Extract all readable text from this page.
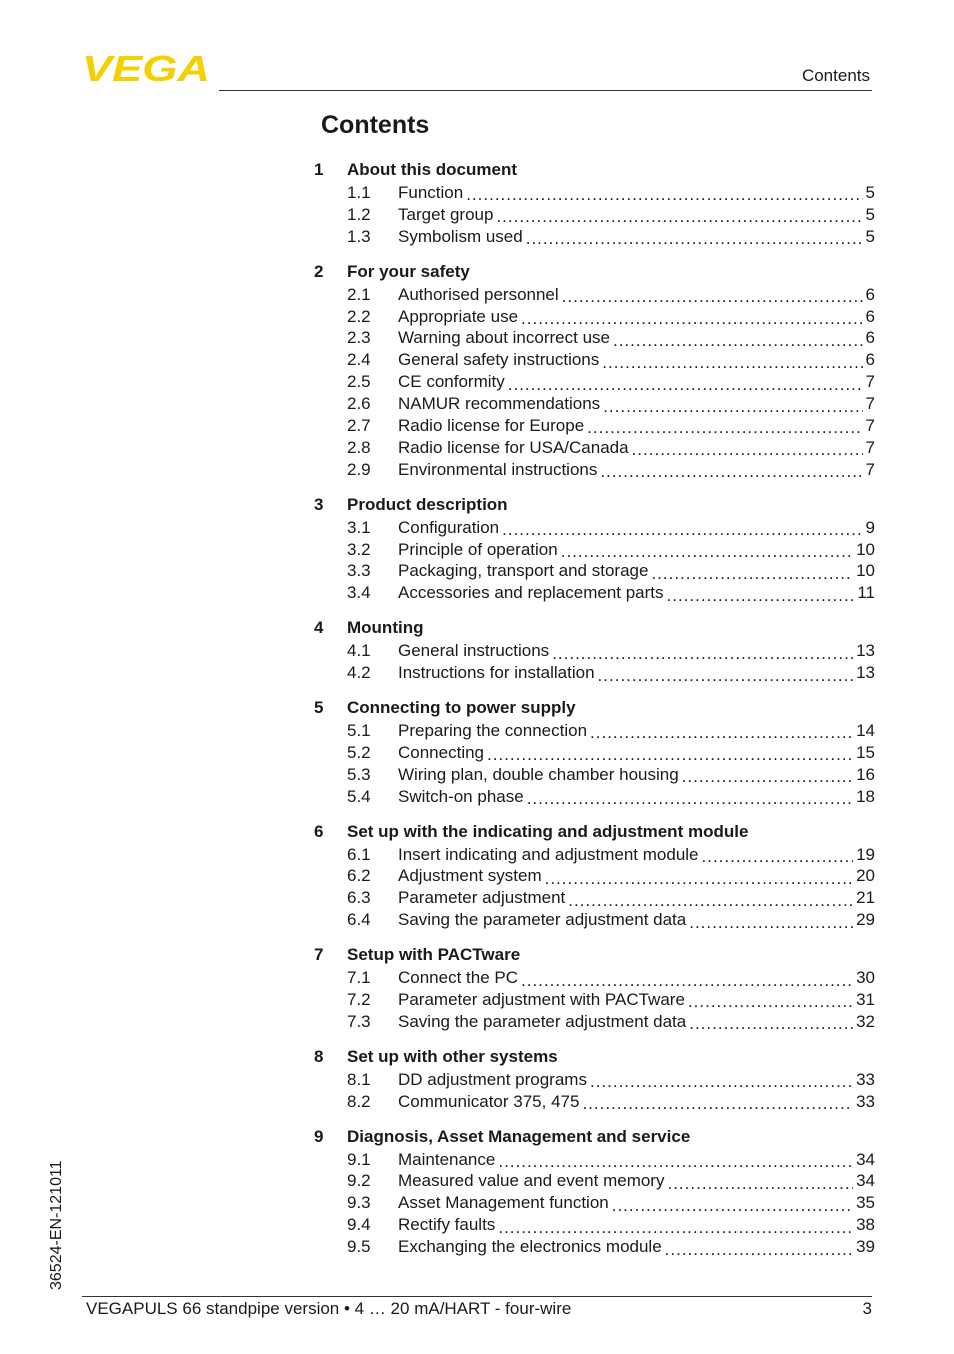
VEGA	Contents
Contents
1	About this document
1.1	Function .....	5
1.2	Target group .....	5
1.3	Symbolism used .....	5
2	For your safety
2.1	Authorised personnel .....	6
2.2	Appropriate use .....	6
2.3	Warning about incorrect use .....	6
2.4	General safety instructions .....	6
2.5	CE conformity .....	7
2.6	NAMUR recommendations .....	7
2.7	Radio license for Europe .....	7
2.8	Radio license for USA/Canada .....	7
2.9	Environmental instructions .....	7
3	Product description
3.1	Configuration .....	9
3.2	Principle of operation .....	10
3.3	Packaging, transport and storage .....	10
3.4	Accessories and replacement parts .....	11
4	Mounting
4.1	General instructions .....	13
4.2	Instructions for installation .....	13
5	Connecting to power supply
5.1	Preparing the connection .....	14
5.2	Connecting .....	15
5.3	Wiring plan, double chamber housing .....	16
5.4	Switch-on phase .....	18
6	Set up with the indicating and adjustment module
6.1	Insert indicating and adjustment module .....	19
6.2	Adjustment system .....	20
6.3	Parameter adjustment .....	21
6.4	Saving the parameter adjustment data .....	29
7	Setup with PACTware
7.1	Connect the PC .....	30
7.2	Parameter adjustment with PACTware .....	31
7.3	Saving the parameter adjustment data .....	32
8	Set up with other systems
8.1	DD adjustment programs .....	33
8.2	Communicator 375, 475 .....	33
9	Diagnosis, Asset Management and service
9.1	Maintenance .....	34
9.2	Measured value and event memory .....	34
9.3	Asset Management function .....	35
9.4	Rectify faults .....	38
9.5	Exchanging the electronics module .....	39
36524-EN-121011
VEGAPULS 66 standpipe version • 4 … 20 mA/HART - four-wire	3
